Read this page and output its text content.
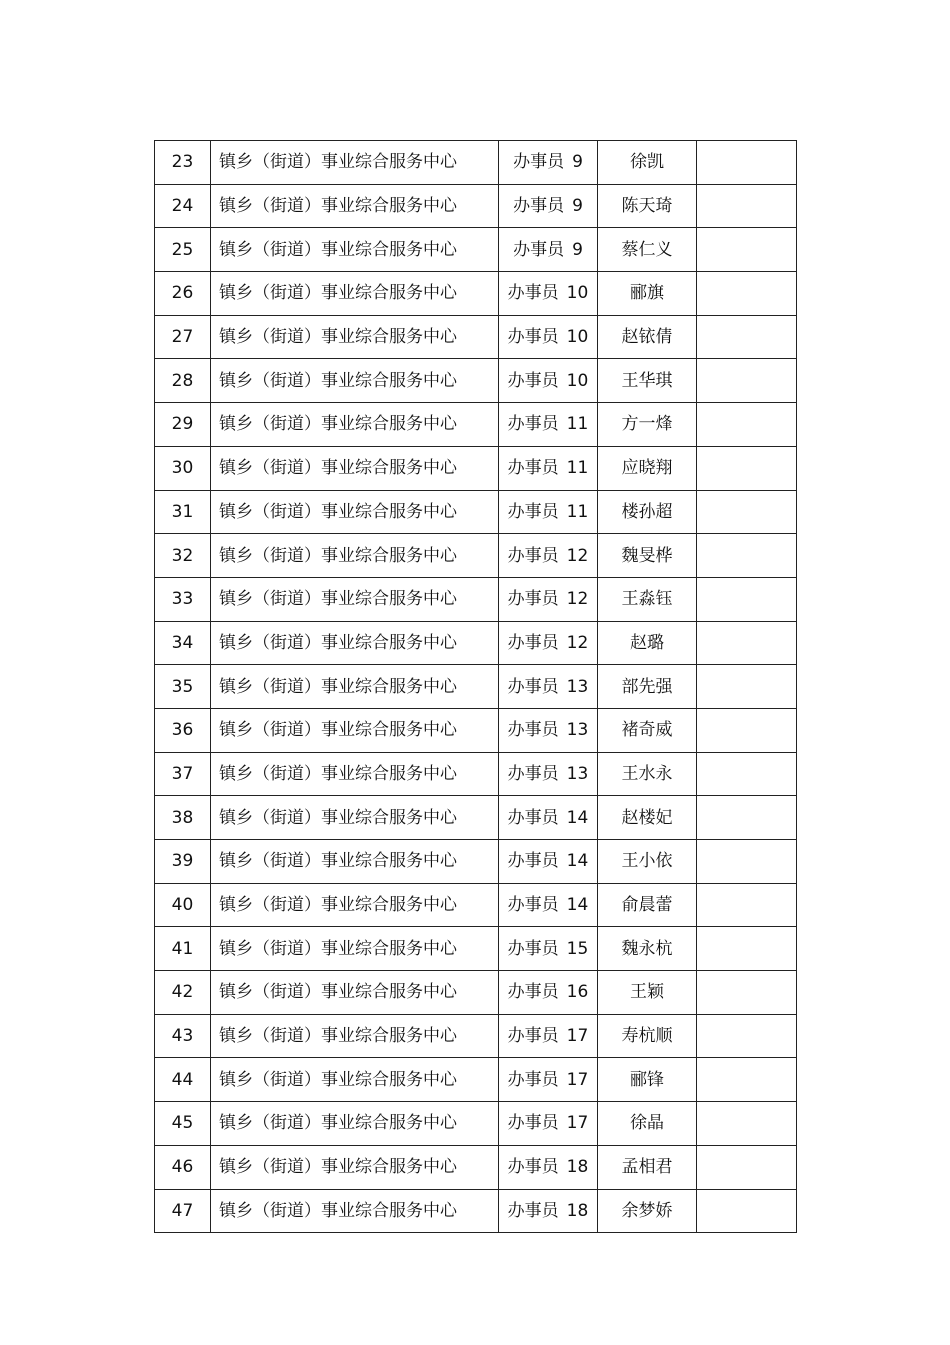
23	镇乡（街道）事业综合服务中心	办事员 9	徐凯	
24	镇乡（街道）事业综合服务中心	办事员 9	陈天琦	
25	镇乡（街道）事业综合服务中心	办事员 9	蔡仁义	
26	镇乡（街道）事业综合服务中心	办事员 10	郦旗	
27	镇乡（街道）事业综合服务中心	办事员 10	赵铱倩	
28	镇乡（街道）事业综合服务中心	办事员 10	王华琪	
29	镇乡（街道）事业综合服务中心	办事员 11	方一烽	
30	镇乡（街道）事业综合服务中心	办事员 11	应晓翔	
31	镇乡（街道）事业综合服务中心	办事员 11	楼孙超	
32	镇乡（街道）事业综合服务中心	办事员 12	魏旻桦	
33	镇乡（街道）事业综合服务中心	办事员 12	王淼钰	
34	镇乡（街道）事业综合服务中心	办事员 12	赵璐	
35	镇乡（街道）事业综合服务中心	办事员 13	部先强	
36	镇乡（街道）事业综合服务中心	办事员 13	褚奇威	
37	镇乡（街道）事业综合服务中心	办事员 13	王水永	
38	镇乡（街道）事业综合服务中心	办事员 14	赵楼妃	
39	镇乡（街道）事业综合服务中心	办事员 14	王小依	
40	镇乡（街道）事业综合服务中心	办事员 14	俞晨蕾	
41	镇乡（街道）事业综合服务中心	办事员 15	魏永杭	
42	镇乡（街道）事业综合服务中心	办事员 16	王颖	
43	镇乡（街道）事业综合服务中心	办事员 17	寿杭顺	
44	镇乡（街道）事业综合服务中心	办事员 17	郦锋	
45	镇乡（街道）事业综合服务中心	办事员 17	徐晶	
46	镇乡（街道）事业综合服务中心	办事员 18	孟相君	
47	镇乡（街道）事业综合服务中心	办事员 18	余梦娇	
